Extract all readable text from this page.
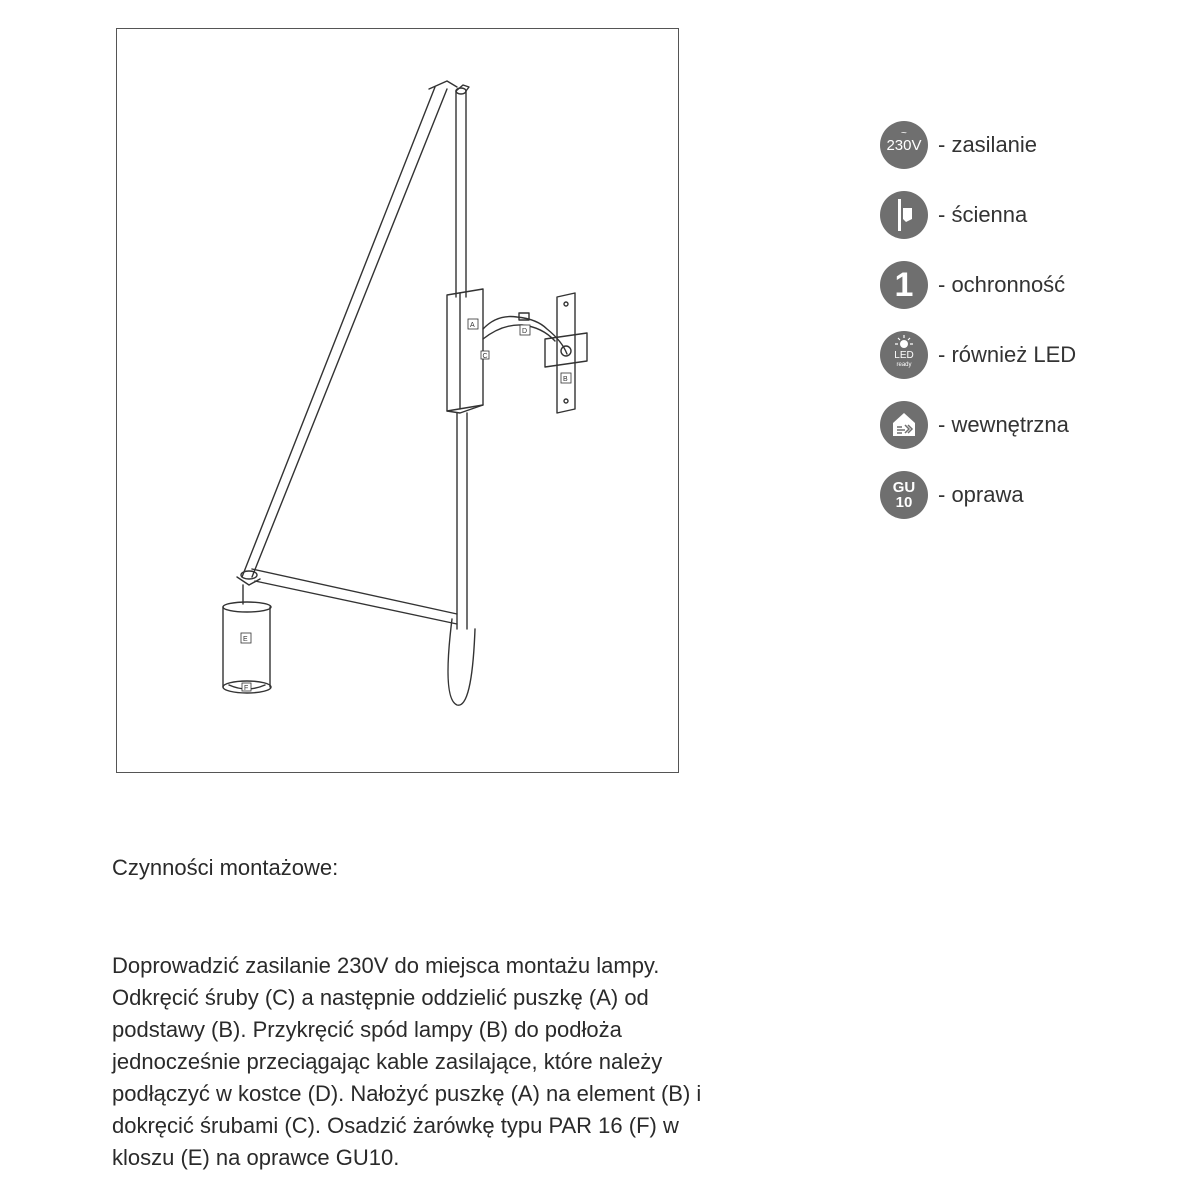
A
C
D
B
E
F
230V
~ - zasilanie
- ścienna
1 - ochronność
LED
ready	- również LED
- wewnętrzna
GU
10 - oprawa
Czynności montażowe:

Doprowadzić zasilanie 230V do miejsca montażu lampy.
Odkręcić śruby (C) a następnie oddzielić puszkę (A) od
podstawy (B). Przykręcić spód lampy (B) do podłoża
jednocześnie przeciągając kable zasilające, które należy
podłączyć w kostce (D). Nałożyć puszkę (A) na element (B) i
dokręcić śrubami (C). Osadzić żarówkę typu PAR 16 (F) w
kloszu (E) na oprawce GU10.
